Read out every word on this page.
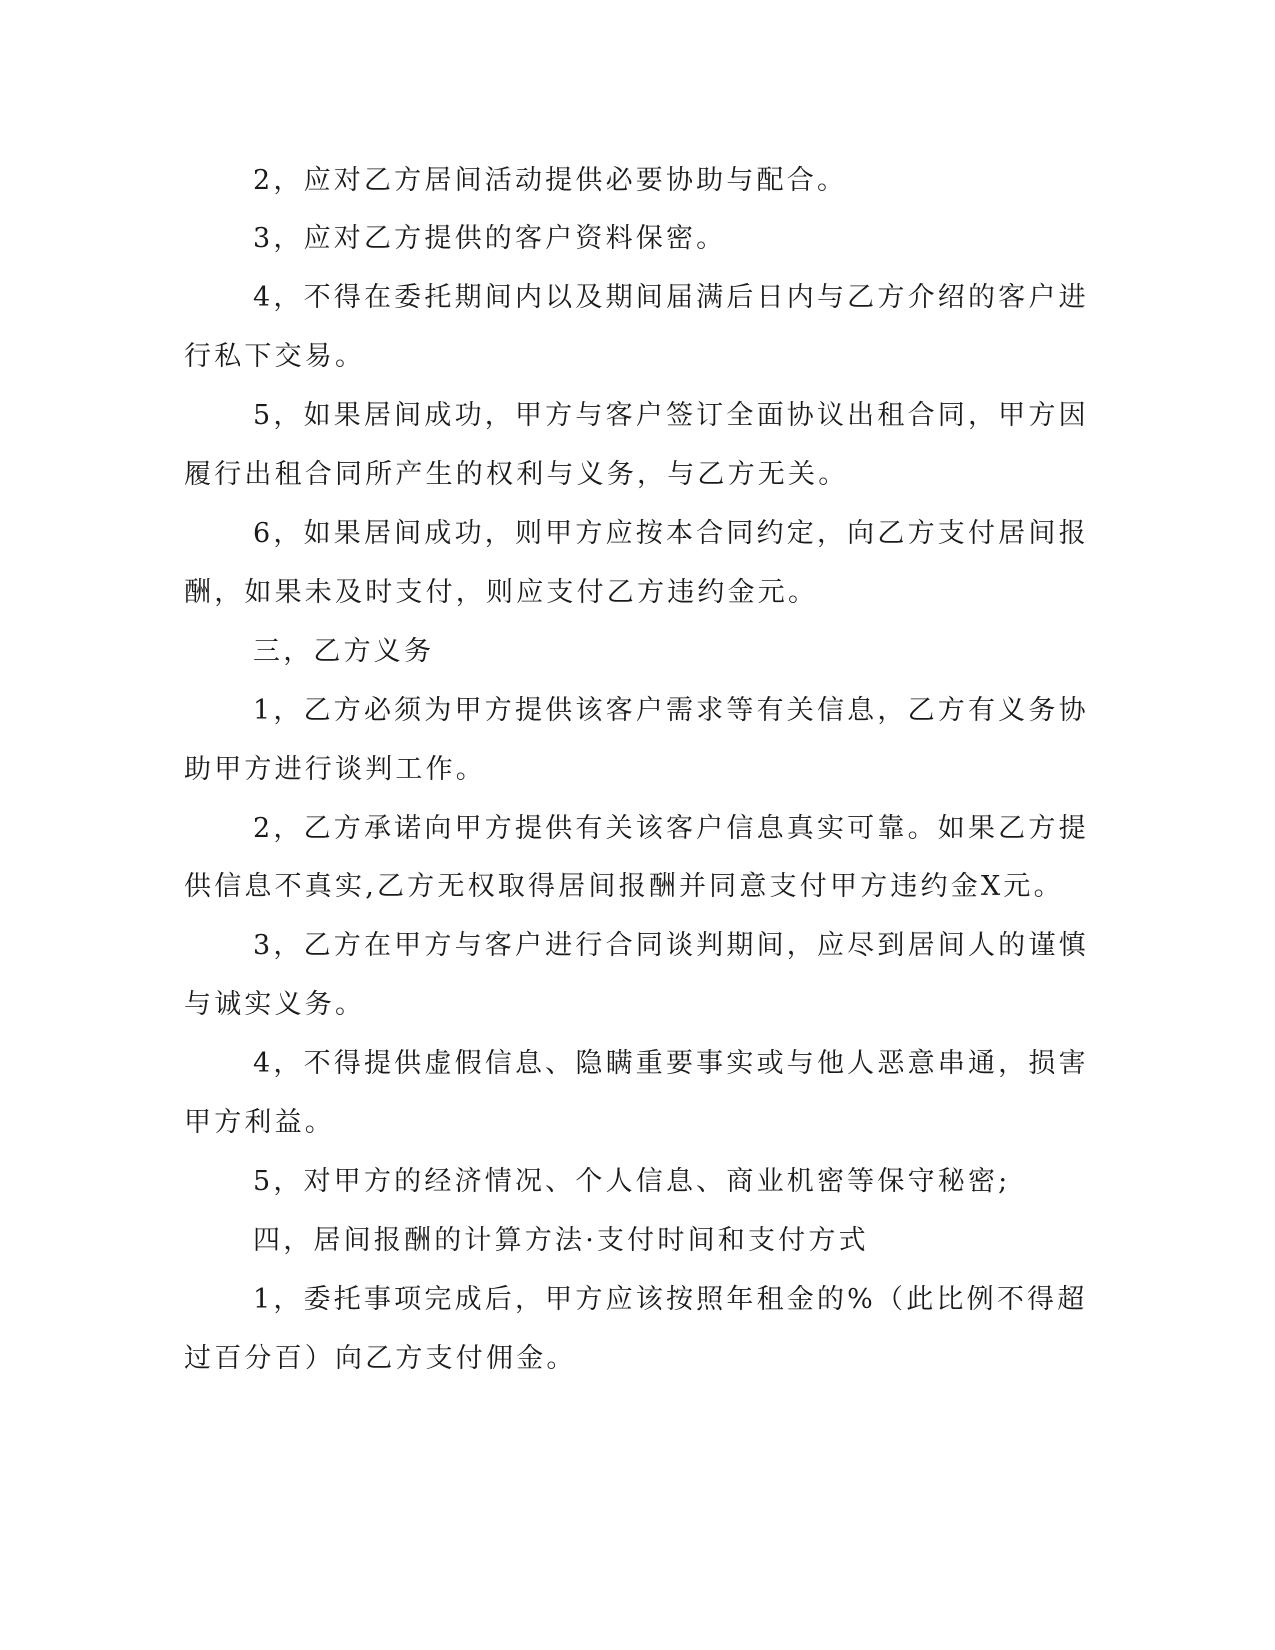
2，应对乙方居间活动提供必要协助与配合。
3，应对乙方提供的客户资料保密。
4，不得在委托期间内以及期间届满后日内与乙方介绍的客户进
行私下交易。
5，如果居间成功，甲方与客户签订全面协议出租合同，甲方因
履行出租合同所产生的权利与义务，与乙方无关。
6，如果居间成功，则甲方应按本合同约定，向乙方支付居间报
酬，如果未及时支付，则应支付乙方违约金元。
三，乙方义务
1，乙方必须为甲方提供该客户需求等有关信息，乙方有义务协
助甲方进行谈判工作。
2，乙方承诺向甲方提供有关该客户信息真实可靠。如果乙方提
供信息不真实,乙方无权取得居间报酬并同意支付甲方违约金X元。
3，乙方在甲方与客户进行合同谈判期间，应尽到居间人的谨慎
与诚实义务。
4，不得提供虚假信息、隐瞒重要事实或与他人恶意串通，损害
甲方利益。
5，对甲方的经济情况、个人信息、商业机密等保守秘密;
四，居间报酬的计算方法·支付时间和支付方式
1，委托事项完成后，甲方应该按照年租金的%（此比例不得超
过百分百）向乙方支付佣金。
